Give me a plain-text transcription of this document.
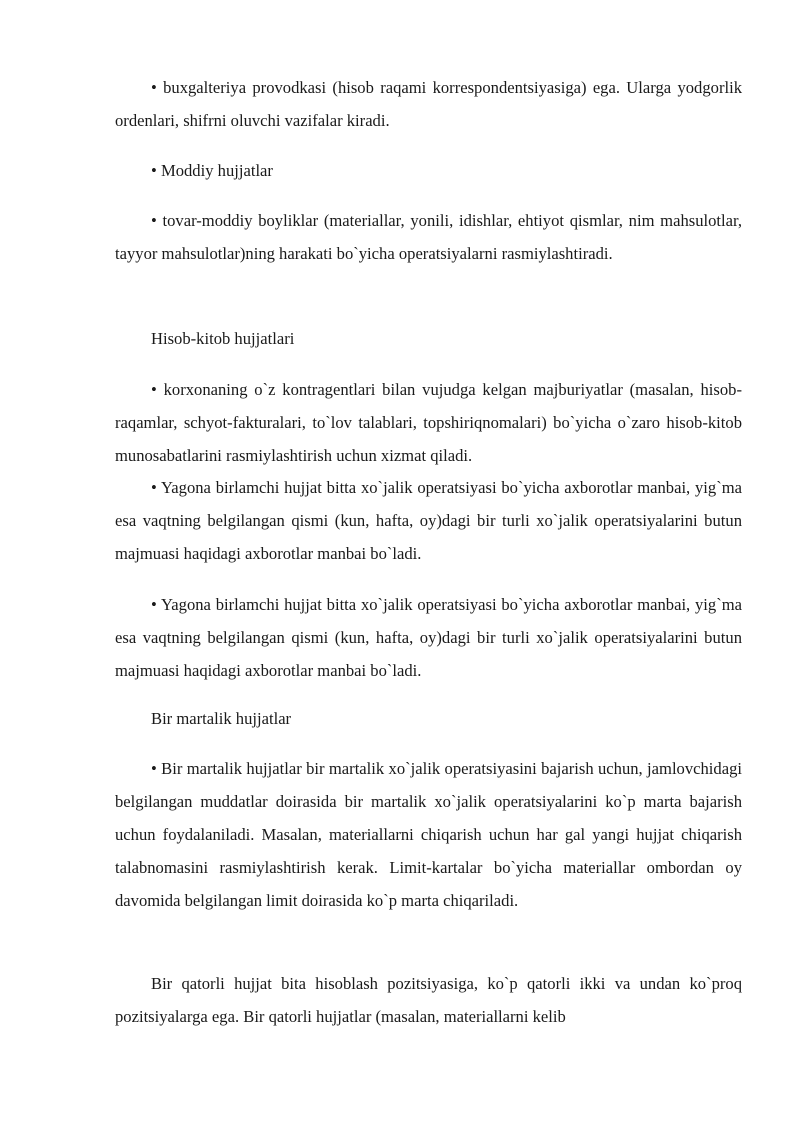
• buxgalteriya provodkasi (hisob raqami korrespondentsiyasiga) ega. Ularga yodgorlik ordenlari, shifrni oluvchi vazifalar kiradi.

• Moddiy hujjatlar

• tovar-moddiy boyliklar (materiallar, yonili, idishlar, ehtiyot qismlar, nim mahsulotlar, tayyor mahsulotlar)ning harakati bo`yicha operatsiyalarni rasmiylashtiradi.

Hisob-kitob hujjatlari

• korxonaning o`z kontragentlari bilan vujudga kelgan majburiyatlar (masalan, hisob-raqamlar, schyot-fakturalari, to`lov talablari, topshiriqnomalari) bo`yicha o`zaro hisob-kitob munosabatlarini rasmiylashtirish uchun xizmat qiladi.

• Yagona birlamchi hujjat bitta xo`jalik operatsiyasi bo`yicha axborotlar manbai, yig`ma esa vaqtning belgilangan qismi (kun, hafta, oy)dagi bir turli xo`jalik operatsiyalarini butun majmuasi haqidagi axborotlar manbai bo`ladi.

• Yagona birlamchi hujjat bitta xo`jalik operatsiyasi bo`yicha axborotlar manbai, yig`ma esa vaqtning belgilangan qismi (kun, hafta, oy)dagi bir turli xo`jalik operatsiyalarini butun majmuasi haqidagi axborotlar manbai bo`ladi.

Bir martalik hujjatlar

• Bir martalik hujjatlar bir martalik xo`jalik operatsiyasini bajarish uchun, jamlovchidagi belgilangan muddatlar doirasida bir martalik xo`jalik operatsiyalarini ko`p marta bajarish uchun foydalaniladi. Masalan, materiallarni chiqarish uchun har gal yangi hujjat chiqarish talabnomasini rasmiylashtirish kerak. Limit-kartalar bo`yicha materiallar ombordan oy davomida belgilangan limit doirasida ko`p marta chiqariladi.

Bir qatorli hujjat bita hisoblash pozitsiyasiga, ko`p qatorli ikki va undan ko`proq pozitsiyalarga ega. Bir qatorli hujjatlar (masalan, materiallarni kelib
